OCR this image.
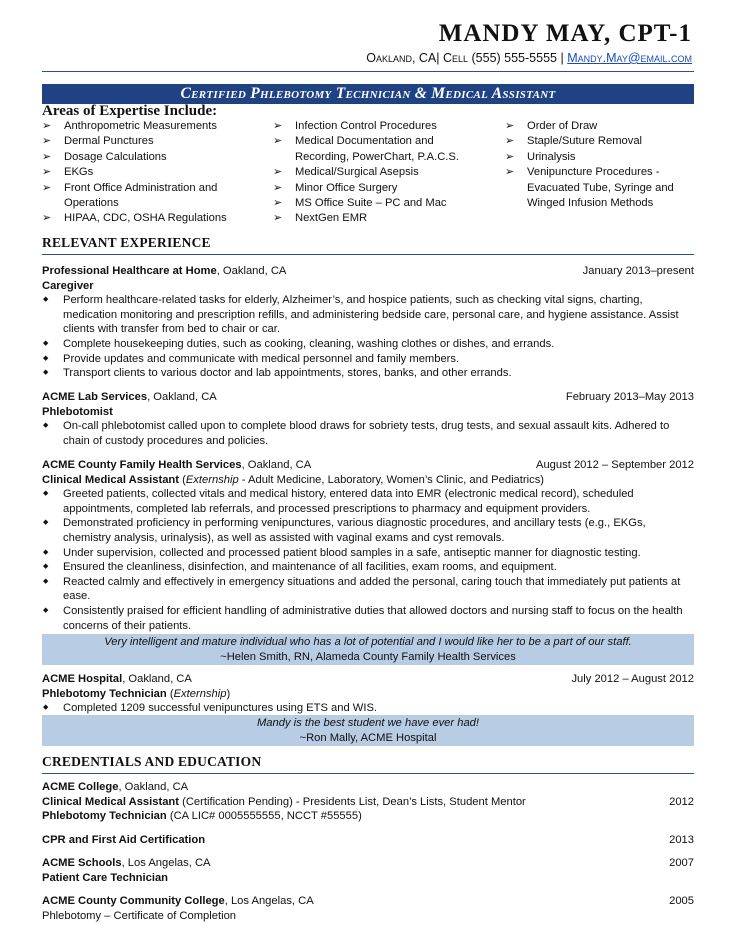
MANDY MAY, CPT-1
Oakland, CA| Cell (555) 555-5555 | Mandy.May@email.com
Certified Phlebotomy Technician & Medical Assistant
Areas of Expertise Include:
➢ Anthropometric Measurements
➢ Dermal Punctures
➢ Dosage Calculations
➢ EKGs
➢ Front Office Administration and Operations
➢ HIPAA, CDC, OSHA Regulations
➢ Infection Control Procedures
➢ Medical Documentation and Recording, PowerChart, P.A.C.S.
➢ Medical/Surgical Asepsis
➢ Minor Office Surgery
➢ MS Office Suite – PC and Mac
➢ NextGen EMR
➢ Order of Draw
➢ Staple/Suture Removal
➢ Urinalysis
➢ Venipuncture Procedures - Evacuated Tube, Syringe and Winged Infusion Methods
RELEVANT EXPERIENCE
Professional Healthcare at Home, Oakland, CA	January 2013–present
Caregiver
◆ Perform healthcare-related tasks for elderly, Alzheimer’s, and hospice patients, such as checking vital signs, charting, medication monitoring and prescription refills, and administering bedside care, personal care, and hygiene assistance. Assist clients with transfer from bed to chair or car.
◆ Complete housekeeping duties, such as cooking, cleaning, washing clothes or dishes, and errands.
◆ Provide updates and communicate with medical personnel and family members.
◆ Transport clients to various doctor and lab appointments, stores, banks, and other errands.
ACME Lab Services, Oakland, CA	February 2013–May 2013
Phlebotomist
◆ On-call phlebotomist called upon to complete blood draws for sobriety tests, drug tests, and sexual assault kits. Adhered to chain of custody procedures and policies.
ACME County Family Health Services, Oakland, CA	August 2012 – September 2012
Clinical Medical Assistant (Externship - Adult Medicine, Laboratory, Women’s Clinic, and Pediatrics)
◆ Greeted patients, collected vitals and medical history, entered data into EMR (electronic medical record), scheduled appointments, completed lab referrals, and processed prescriptions to pharmacy and equipment providers.
◆ Demonstrated proficiency in performing venipunctures, various diagnostic procedures, and ancillary tests (e.g., EKGs, chemistry analysis, urinalysis), as well as assisted with vaginal exams and cyst removals.
◆ Under supervision, collected and processed patient blood samples in a safe, antiseptic manner for diagnostic testing.
◆ Ensured the cleanliness, disinfection, and maintenance of all facilities, exam rooms, and equipment.
◆ Reacted calmly and effectively in emergency situations and added the personal, caring touch that immediately put patients at ease.
◆ Consistently praised for efficient handling of administrative duties that allowed doctors and nursing staff to focus on the health concerns of their patients.
Very intelligent and mature individual who has a lot of potential and I would like her to be a part of our staff.
~Helen Smith, RN, Alameda County Family Health Services
ACME Hospital, Oakland, CA	July 2012 – August 2012
Phlebotomy Technician (Externship)
◆ Completed 1209 successful venipunctures using ETS and WIS.
Mandy is the best student we have ever had!
~Ron Mally, ACME Hospital
CREDENTIALS AND EDUCATION
ACME College, Oakland, CA
Clinical Medical Assistant (Certification Pending) - Presidents List, Dean’s Lists, Student Mentor	2012
Phlebotomy Technician (CA LIC# 0005555555, NCCT #55555)
CPR and First Aid Certification	2013
ACME Schools, Los Angelas, CA	2007
Patient Care Technician
ACME County Community College, Los Angelas, CA	2005
Phlebotomy – Certificate of Completion
